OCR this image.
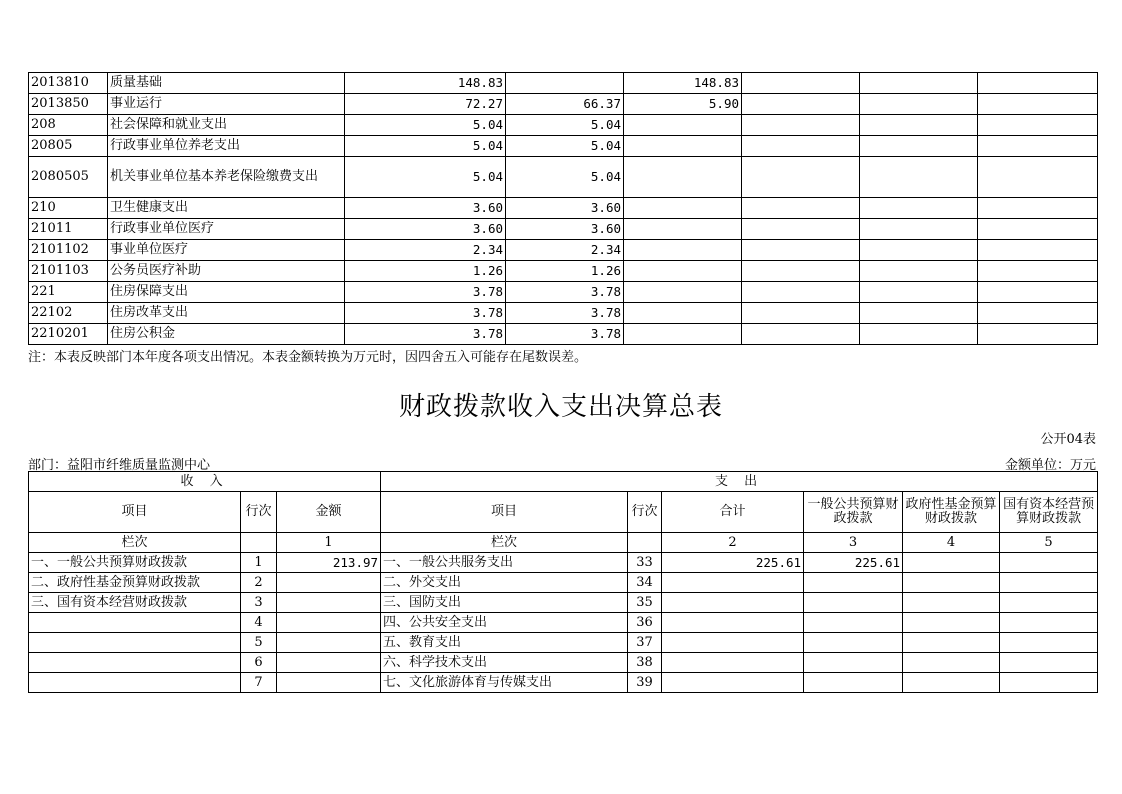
2013810	质量基础	148.83		148.83			
2013850	事业运行	72.27	66.37	5.90			
208	社会保障和就业支出	5.04	5.04				
20805	行政事业单位养老支出	5.04	5.04				
2080505	机关事业单位基本养老保险缴费支出	5.04	5.04				
210	卫生健康支出	3.60	3.60				
21011	行政事业单位医疗	3.60	3.60				
2101102	事业单位医疗	2.34	2.34				
2101103	公务员医疗补助	1.26	1.26				
221	住房保障支出	3.78	3.78				
22102	住房改革支出	3.78	3.78				
2210201	住房公积金	3.78	3.78				
注：本表反映部门本年度各项支出情况。本表金额转换为万元时，因四舍五入可能存在尾数误差。
财政拨款收入支出决算总表
公开04表
部门：益阳市纤维质量监测中心	金额单位：万元
收 入			支 出					
项目	行次	金额	项目	行次	合计	一般公共预算财政拨款	政府性基金预算财政拨款	国有资本经营预算财政拨款
栏次		1	栏次		2	3	4	5
一、一般公共预算财政拨款	1	213.97	一、一般公共服务支出	33	225.61	225.61		
二、政府性基金预算财政拨款	2		二、外交支出	34				
三、国有资本经营财政拨款	3		三、国防支出	35				
	4		四、公共安全支出	36				
	5		五、教育支出	37				
	6		六、科学技术支出	38				
	7		七、文化旅游体育与传媒支出	39				
